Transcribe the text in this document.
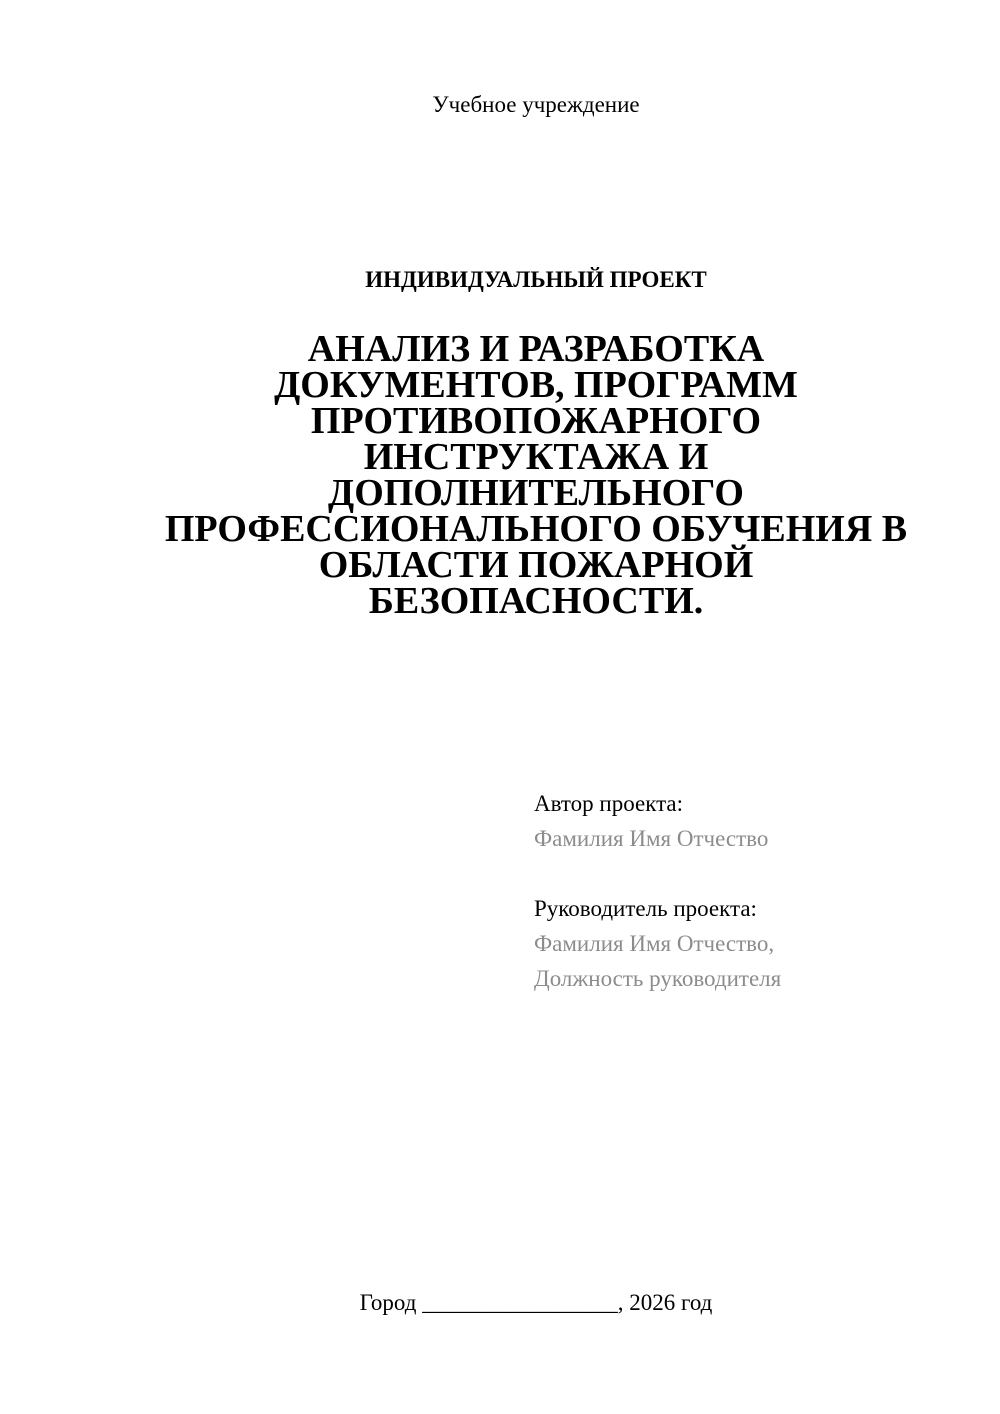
Учебное учреждение
ИНДИВИДУАЛЬНЫЙ ПРОЕКТ
АНАЛИЗ И РАЗРАБОТКА
ДОКУМЕНТОВ, ПРОГРАММ
ПРОТИВОПОЖАРНОГО
ИНСТРУКТАЖА И
ДОПОЛНИТЕЛЬНОГО
ПРОФЕССИОНАЛЬНОГО ОБУЧЕНИЯ В
ОБЛАСТИ ПОЖАРНОЙ
БЕЗОПАСНОСТИ.
Автор проекта:
Фамилия Имя Отчество
Руководитель проекта:
Фамилия Имя Отчество,
Должность руководителя
Город _________________, 2026 год
